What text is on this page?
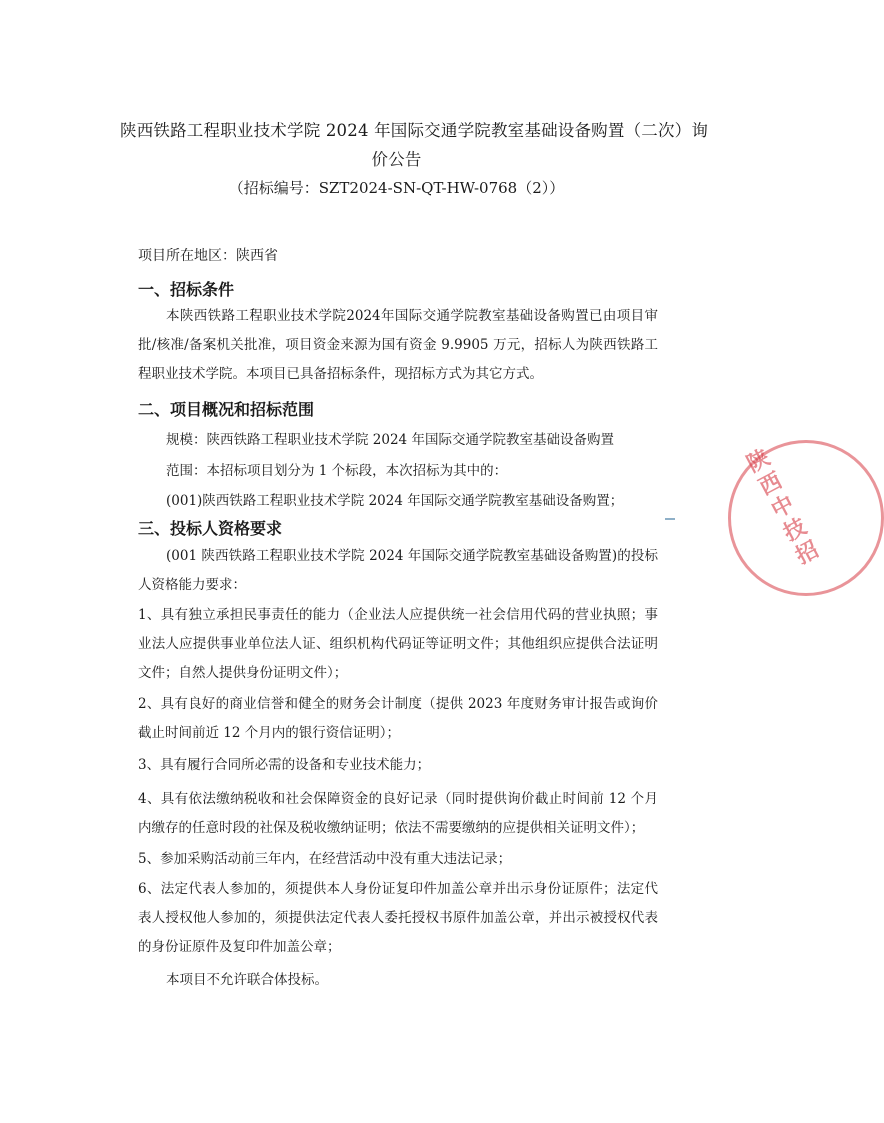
陕西铁路工程职业技术学院 2024 年国际交通学院教室基础设备购置（二次）询
价公告
（招标编号：SZT2024-SN-QT-HW-0768（2））
项目所在地区：陕西省
一、招标条件
本陕西铁路工程职业技术学院2024年国际交通学院教室基础设备购置已由项目审批/核准/备案机关批准，项目资金来源为国有资金 9.9905 万元，招标人为陕西铁路工程职业技术学院。本项目已具备招标条件，现招标方式为其它方式。
二、项目概况和招标范围
规模：陕西铁路工程职业技术学院 2024 年国际交通学院教室基础设备购置
范围：本招标项目划分为 1 个标段，本次招标为其中的：
(001)陕西铁路工程职业技术学院 2024 年国际交通学院教室基础设备购置；
三、投标人资格要求
(001 陕西铁路工程职业技术学院 2024 年国际交通学院教室基础设备购置)的投标人资格能力要求：
1、具有独立承担民事责任的能力（企业法人应提供统一社会信用代码的营业执照；事业法人应提供事业单位法人证、组织机构代码证等证明文件；其他组织应提供合法证明文件；自然人提供身份证明文件）；
2、具有良好的商业信誉和健全的财务会计制度（提供 2023 年度财务审计报告或询价截止时间前近 12 个月内的银行资信证明）；
3、具有履行合同所必需的设备和专业技术能力；
4、具有依法缴纳税收和社会保障资金的良好记录（同时提供询价截止时间前 12 个月内缴存的任意时段的社保及税收缴纳证明；依法不需要缴纳的应提供相关证明文件）；
5、参加采购活动前三年内，在经营活动中没有重大违法记录；
6、法定代表人参加的，须提供本人身份证复印件加盖公章并出示身份证原件；法定代表人授权他人参加的，须提供法定代表人委托授权书原件加盖公章，并出示被授权代表的身份证原件及复印件加盖公章；
本项目不允许联合体投标。
陕西中技招
